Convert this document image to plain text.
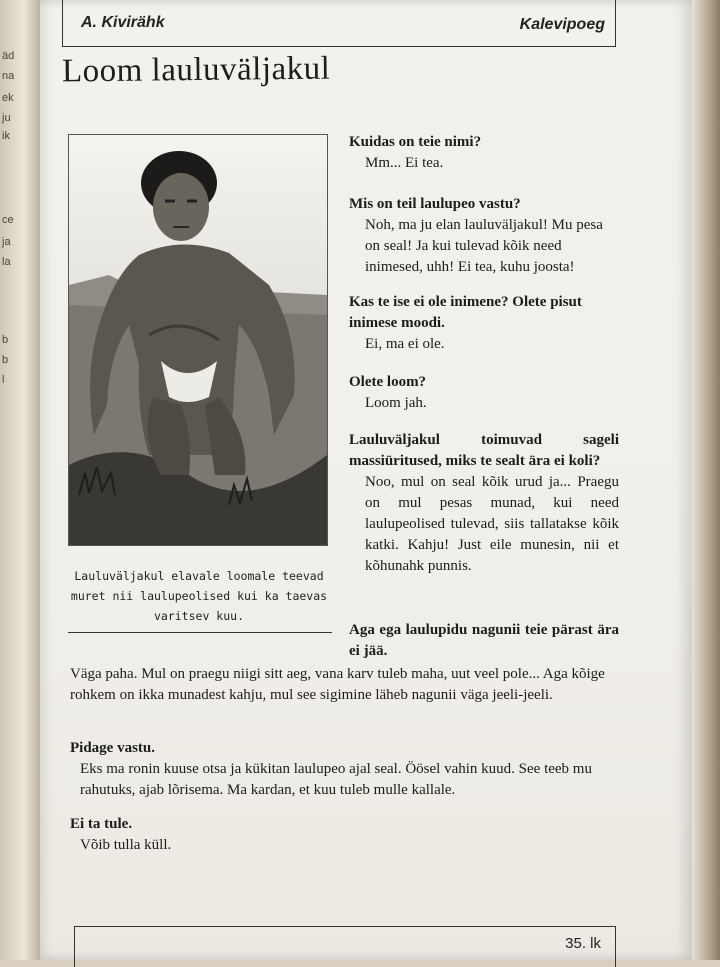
äd
na
ek
ju
ik
ce
ja
la
b
b
l
A. Kivirähk	Kalevipoeg
Loom lauluväljakul
Lauluväljakul elavale loomale teevad
muret nii laulupeolised kui ka taevas
varitsev kuu.
Kuidas on teie nimi?
Mm... Ei tea.
Mis on teil laulupeo vastu?
Noh, ma ju elan lauluväljakul! Mu pesa on seal! Ja kui tulevad kõik need inimesed, uhh! Ei tea, kuhu joosta!
Kas te ise ei ole inimene? Olete pisut inimese moodi.
Ei, ma ei ole.
Olete loom?
Loom jah.
Lauluväljakul toimuvad sageli massiüritused, miks te sealt ära ei koli?
Noo, mul on seal kõik urud ja... Praegu on mul pesas munad, kui need laulupeolised tulevad, siis tallatakse kõik katki. Kahju! Just eile munesin, nii et kõhunahk punnis.
Aga ega laulupidu nagunii teie pärast ära ei jää.
Väga paha. Mul on praegu niigi sitt aeg, vana karv tuleb maha, uut veel pole... Aga kõige rohkem on ikka munadest kahju, mul see sigimine läheb nagunii väga jeeli-jeeli.
Pidage vastu.
Eks ma ronin kuuse otsa ja kükitan laulupeo ajal seal. Öösel vahin kuud. See teeb mu rahutuks, ajab lõrisema. Ma kardan, et kuu tuleb mulle kallale.
Ei ta tule.
Võib tulla küll.
35. lk
